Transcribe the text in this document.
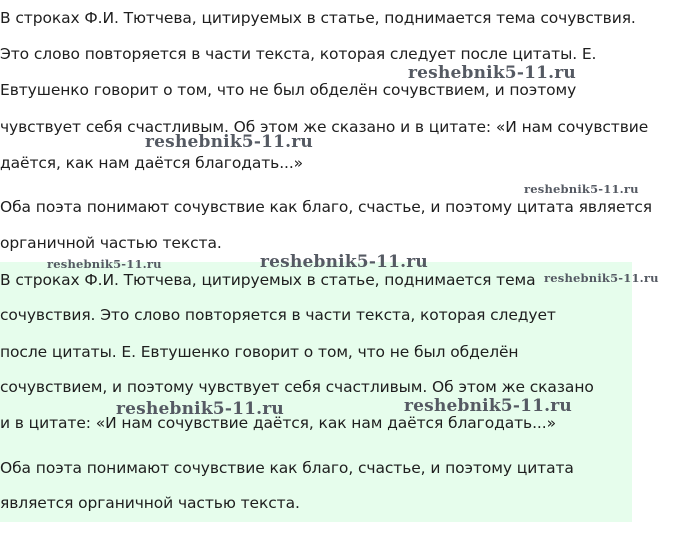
В строках Ф.И. Тютчева, цитируемых в статье, поднимается тема сочувствия.
Это слово повторяется в части текста, которая следует после цитаты. Е.
Евтушенко говорит о том, что не был обделён сочувствием, и поэтому
чувствует себя счастливым. Об этом же сказано и в цитате: «И нам сочувствие
даётся, как нам даётся благодать...»
Оба поэта понимают сочувствие как благо, счастье, и поэтому цитата является
органичной частью текста.
В строках Ф.И. Тютчева, цитируемых в статье, поднимается тема
сочувствия. Это слово повторяется в части текста, которая следует
после цитаты. Е. Евтушенко говорит о том, что не был обделён
сочувствием, и поэтому чувствует себя счастливым. Об этом же сказано
и в цитате: «И нам сочувствие даётся, как нам даётся благодать...»
Оба поэта понимают сочувствие как благо, счастье, и поэтому цитата
является органичной частью текста.
reshebnik5-11.ru
reshebnik5-11.ru
reshebnik5-11.ru
reshebnik5-11.ru	reshebnik5-11.ru
reshebnik5-11.ru
reshebnik5-11.ru	reshebnik5-11.ru
